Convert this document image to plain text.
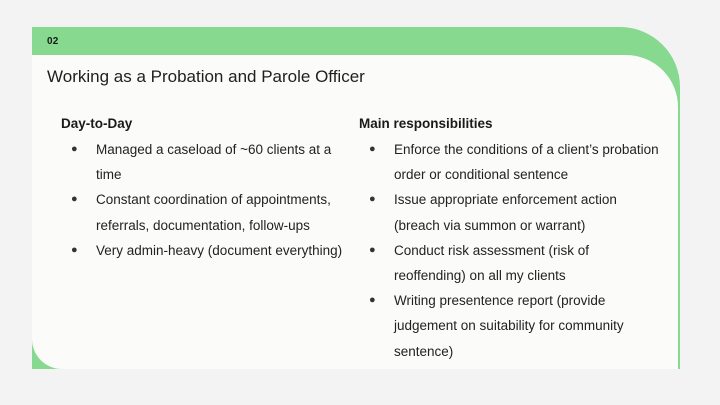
02
Working as a Probation and Parole Officer
Day-to-Day
● Managed a caseload of ~60 clients at a time
● Constant coordination of appointments, referrals, documentation, follow-ups
● Very admin-heavy (document everything)
Main responsibilities
● Enforce the conditions of a client’s probation order or conditional sentence
● Issue appropriate enforcement action (breach via summon or warrant)
● Conduct risk assessment (risk of reoffending) on all my clients
● Writing presentence report (provide judgement on suitability for community sentence)
